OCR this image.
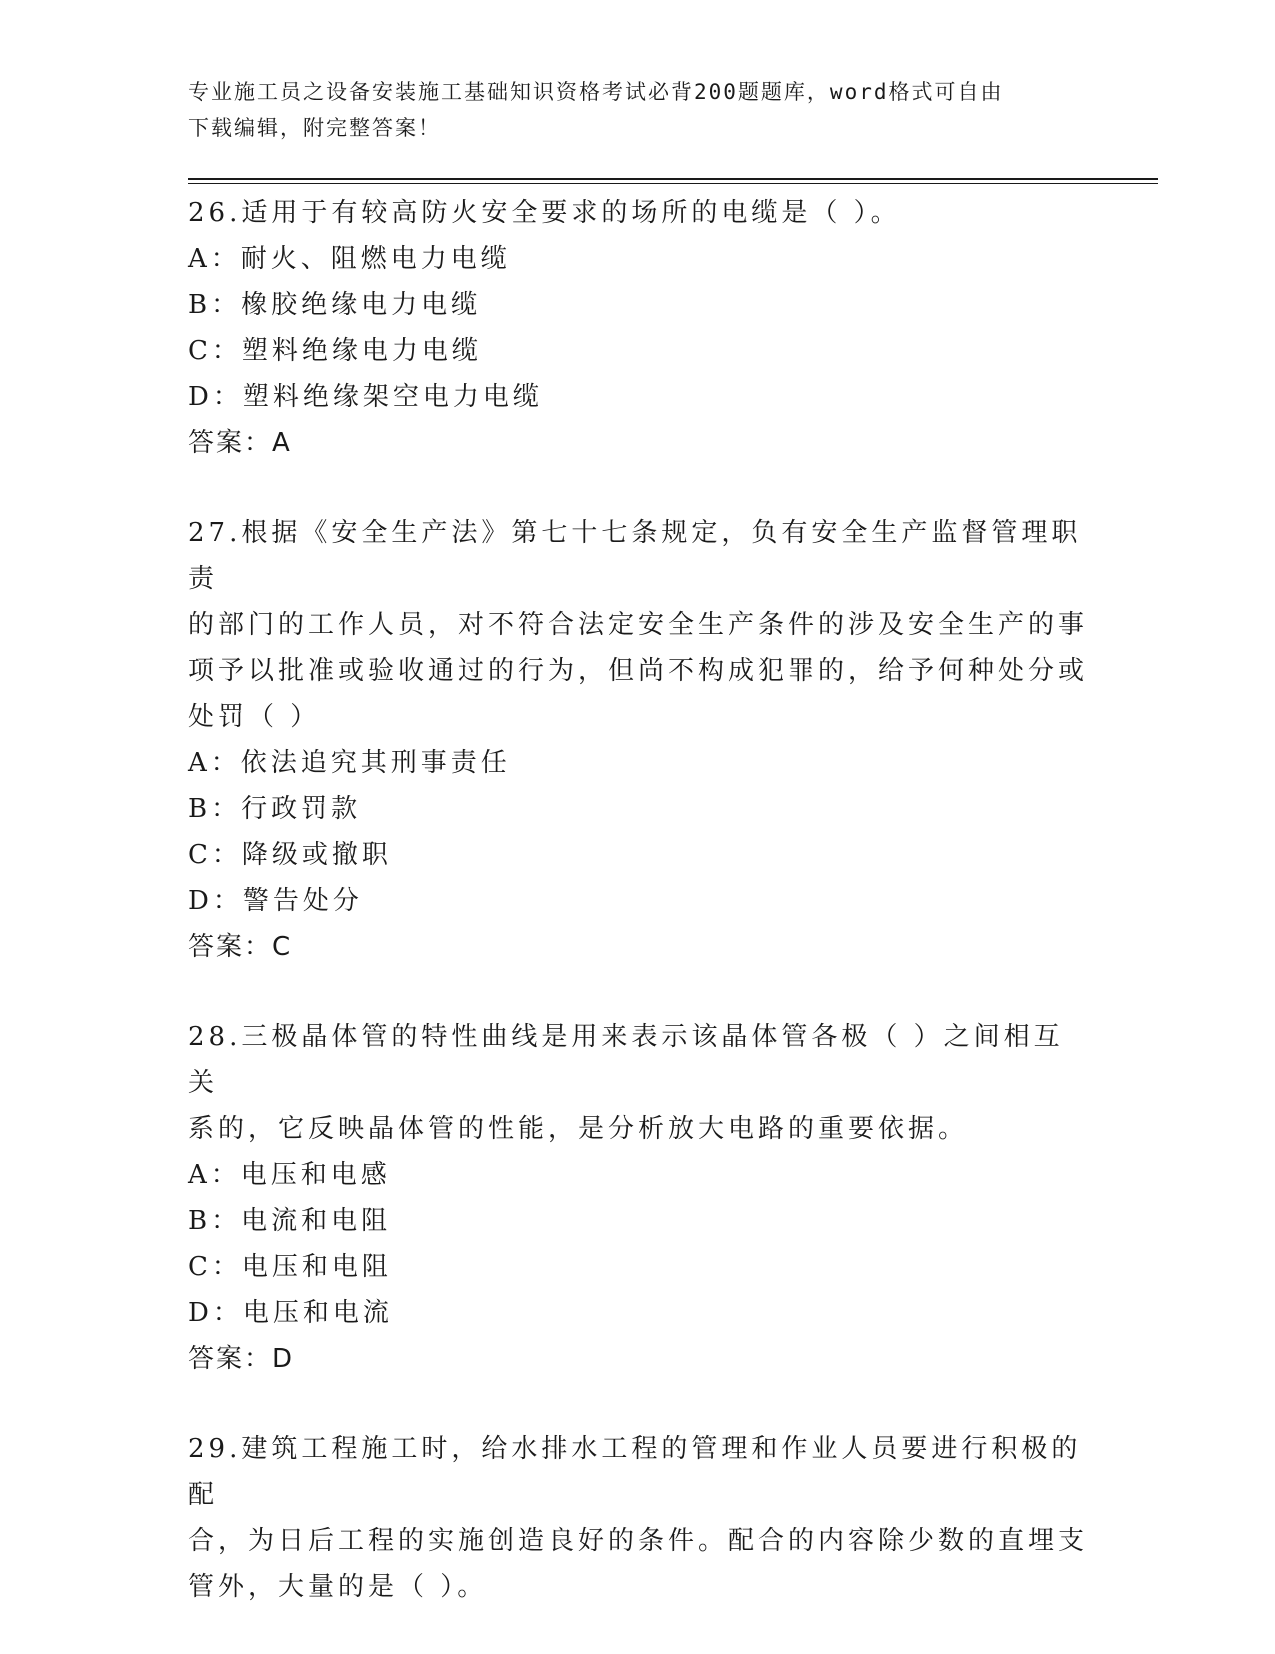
专业施工员之设备安装施工基础知识资格考试必背200题题库，word格式可自由
下载编辑，附完整答案！

26.适用于有较高防火安全要求的场所的电缆是（ ）。

A：耐火、阻燃电力电缆

B：橡胶绝缘电力电缆

C：塑料绝缘电力电缆

D：塑料绝缘架空电力电缆

答案：A

27.根据《安全生产法》第七十七条规定，负有安全生产监督管理职责

的部门的工作人员，对不符合法定安全生产条件的涉及安全生产的事

项予以批准或验收通过的行为，但尚不构成犯罪的，给予何种处分或

处罚（ ）

A：依法追究其刑事责任

B：行政罚款

C：降级或撤职

D：警告处分

答案：C

28.三极晶体管的特性曲线是用来表示该晶体管各极（ ）之间相互关

系的，它反映晶体管的性能，是分析放大电路的重要依据。

A：电压和电感

B：电流和电阻

C：电压和电阻

D：电压和电流

答案：D

29.建筑工程施工时，给水排水工程的管理和作业人员要进行积极的配

合，为日后工程的实施创造良好的条件。配合的内容除少数的直埋支

管外，大量的是（ ）。
